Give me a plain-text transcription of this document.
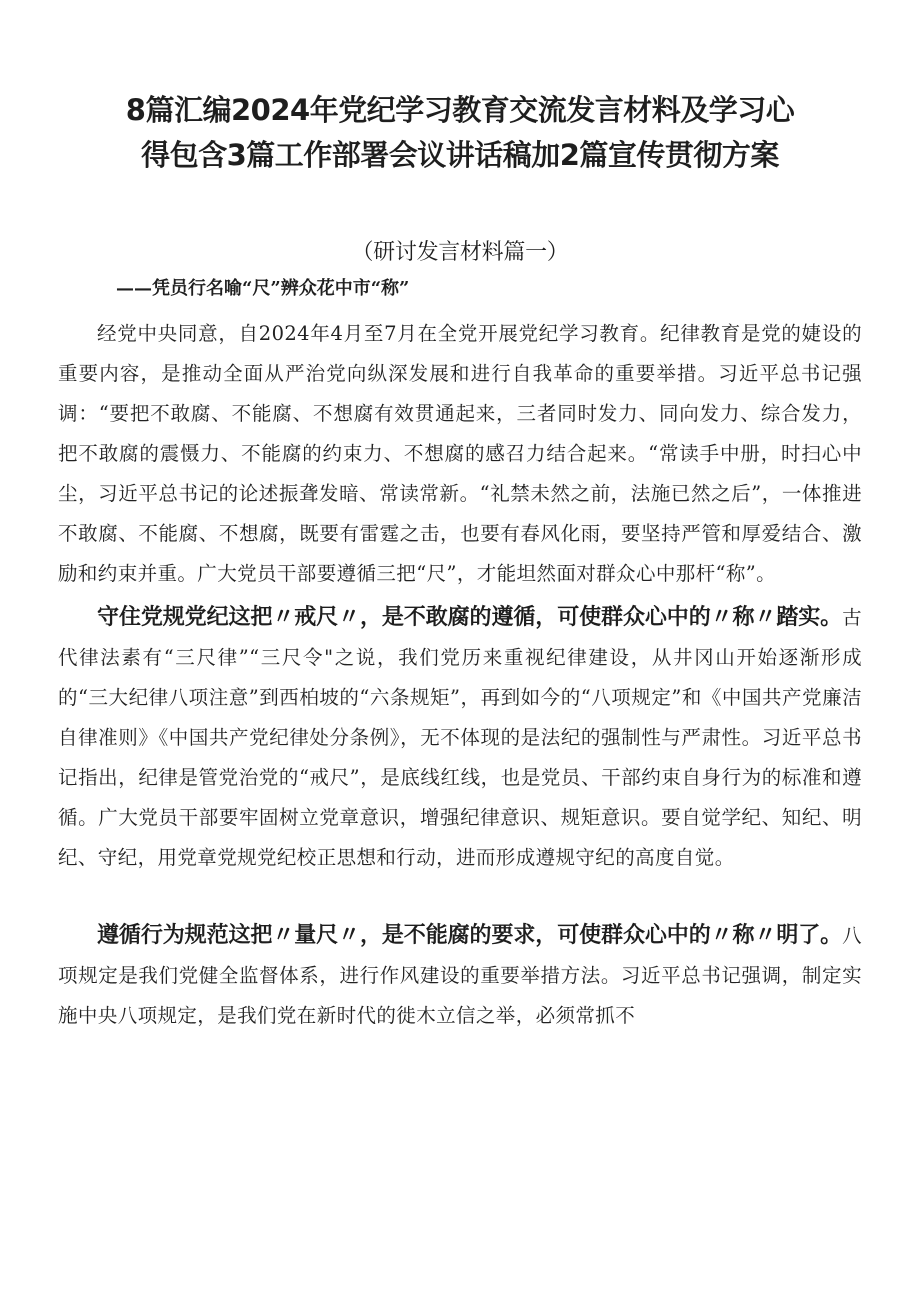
8篇汇编2024年党纪学习教育交流发言材料及学习心
得包含3篇工作部署会议讲话稿加2篇宣传贯彻方案
（研讨发言材料篇一）
——凭员行名喻“尺”辨众花中市“称”

经党中央同意，自2024年4月至7月在全党开展党纪学习教育。纪律教育是党的婕设的重要内容，是推动全面从严治党向纵深发展和进行自我革命的重要举措。习近平总书记强调：“要把不敢腐、不能腐、不想腐有效贯通起来，三者同时发力、同向发力、综合发力，把不敢腐的震慑力、不能腐的约束力、不想腐的感召力结合起来。“常读手中册，时扫心中尘，习近平总书记的论述振聋发暗、常读常新。“礼禁未然之前，法施已然之后”，一体推进不敢腐、不能腐、不想腐，既要有雷霆之击，也要有春风化雨，要坚持严管和厚爱结合、激励和约束并重。广大党员干部要遵循三把“尺”，才能坦然面对群众心中那杆“称”。

守住党规党纪这把〃戒尺〃，是不敢腐的遵循，可使群众心中的〃称〃踏实。古代律法素有“三尺律”“三尺令"之说，我们党历来重视纪律建设，从井冈山开始逐渐形成的“三大纪律八项注意”到西柏坡的“六条规矩”，再到如今的“八项规定”和《中国共产党廉洁自律准则》《中国共产党纪律处分条例》，无不体现的是法纪的强制性与严肃性。习近平总书记指出，纪律是管党治党的“戒尺”，是底线红线，也是党员、干部约束自身行为的标准和遵循。广大党员干部要牢固树立党章意识，增强纪律意识、规矩意识。要自觉学纪、知纪、明纪、守纪，用党章党规党纪校正思想和行动，进而形成遵规守纪的高度自觉。

遵循行为规范这把〃量尺〃，是不能腐的要求，可使群众心中的〃称〃明了。八项规定是我们党健全监督体系，进行作风建设的重要举措方法。习近平总书记强调，制定实施中央八项规定，是我们党在新时代的徙木立信之举，必须常抓不
